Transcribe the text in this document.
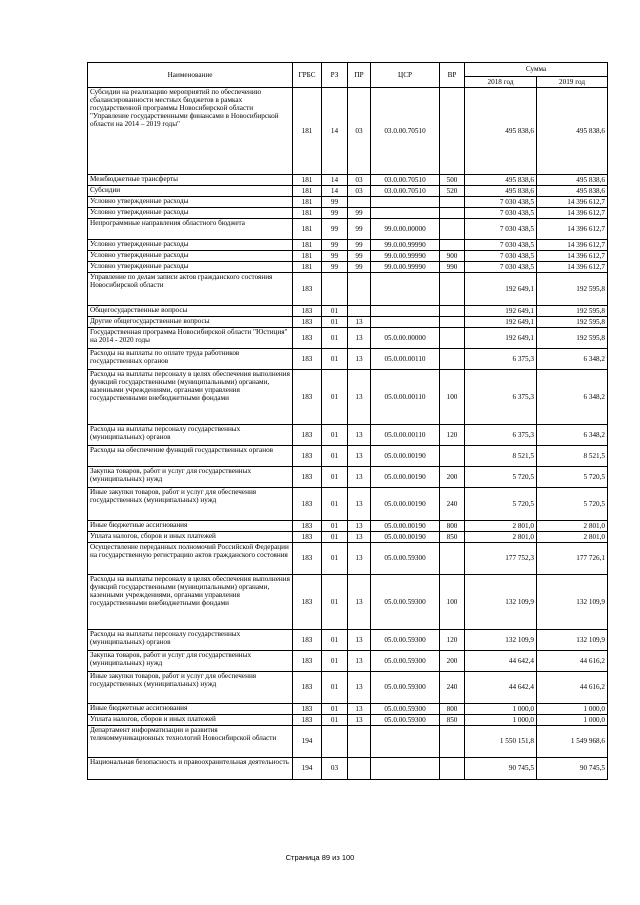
Наименование	ГРБС	РЗ	ПР	ЦСР	ВР	Сумма	
						2018 год	2019 год
Субсидии на реализацию мероприятий по обеспечению сбалансированности местных бюджетов в рамках государственной программы Новосибирской области "Управление государственными финансами в Новосибирской области на 2014 – 2019 годы"	181	14	03	03.0.00.70510		495 838,6	495 838,6
Межбюджетные трансферты	181	14	03	03.0.00.70510	500	495 838,6	495 838,6
Субсидии	181	14	03	03.0.00.70510	520	495 838,6	495 838,6
Условно утвержденные расходы	181	99				7 030 438,5	14 396 612,7
Условно утвержденные расходы	181	99	99			7 030 438,5	14 396 612,7
Непрограммные направления областного бюджета	181	99	99	99.0.00.00000		7 030 438,5	14 396 612,7
Условно утвержденные расходы	181	99	99	99.0.00.99990		7 030 438,5	14 396 612,7
Условно утвержденные расходы	181	99	99	99.0.00.99990	900	7 030 438,5	14 396 612,7
Условно утвержденные расходы	181	99	99	99.0.00.99990	990	7 030 438,5	14 396 612,7
Управление по делам записи актов гражданского состояния Новосибирской области	183					192 649,1	192 595,8
Общегосударственные вопросы	183	01				192 649,1	192 595,8
Другие общегосударственные вопросы	183	01	13			192 649,1	192 595,8
Государственная программа Новосибирской области "Юстиция" на 2014 - 2020 годы	183	01	13	05.0.00.00000		192 649,1	192 595,8
Расходы на выплаты по оплате труда работников государственных органов	183	01	13	05.0.00.00110		6 375,3	6 348,2
Расходы на выплаты персоналу в целях обеспечения выполнения функций государственными (муниципальными) органами, казенными учреждениями, органами управления государственными внебюджетными фондами	183	01	13	05.0.00.00110	100	6 375,3	6 348,2
Расходы на выплаты персоналу государственных (муниципальных) органов	183	01	13	05.0.00.00110	120	6 375,3	6 348,2
Расходы на обеспечение функций государственных органов	183	01	13	05.0.00.00190		8 521,5	8 521,5
Закупка товаров, работ и услуг для государственных (муниципальных) нужд	183	01	13	05.0.00.00190	200	5 720,5	5 720,5
Иные закупки товаров, работ и услуг для обеспечения государственных (муниципальных) нужд	183	01	13	05.0.00.00190	240	5 720,5	5 720,5
Иные бюджетные ассигнования	183	01	13	05.0.00.00190	800	2 801,0	2 801,0
Уплата налогов, сборов и иных платежей	183	01	13	05.0.00.00190	850	2 801,0	2 801,0
Осуществление переданных полномочий Российской Федерации на государственную регистрацию актов гражданского состояния	183	01	13	05.0.00.59300		177 752,3	177 726,1
Расходы на выплаты персоналу в целях обеспечения выполнения функций государственными (муниципальными) органами, казенными учреждениями, органами управления государственными внебюджетными фондами	183	01	13	05.0.00.59300	100	132 109,9	132 109,9
Расходы на выплаты персоналу государственных (муниципальных) органов	183	01	13	05.0.00.59300	120	132 109,9	132 109,9
Закупка товаров, работ и услуг для государственных (муниципальных) нужд	183	01	13	05.0.00.59300	200	44 642,4	44 616,2
Иные закупки товаров, работ и услуг для обеспечения государственных (муниципальных) нужд	183	01	13	05.0.00.59300	240	44 642,4	44 616,2
Иные бюджетные ассигнования	183	01	13	05.0.00.59300	800	1 000,0	1 000,0
Уплата налогов, сборов и иных платежей	183	01	13	05.0.00.59300	850	1 000,0	1 000,0
Департамент информатизации и развития телекоммуникационных технологий Новосибирской области	194					1 550 151,8	1 549 968,6
Национальная безопасность и правоохранительная деятельность	194	03				90 745,5	90 745,5
Страница 89 из 100
